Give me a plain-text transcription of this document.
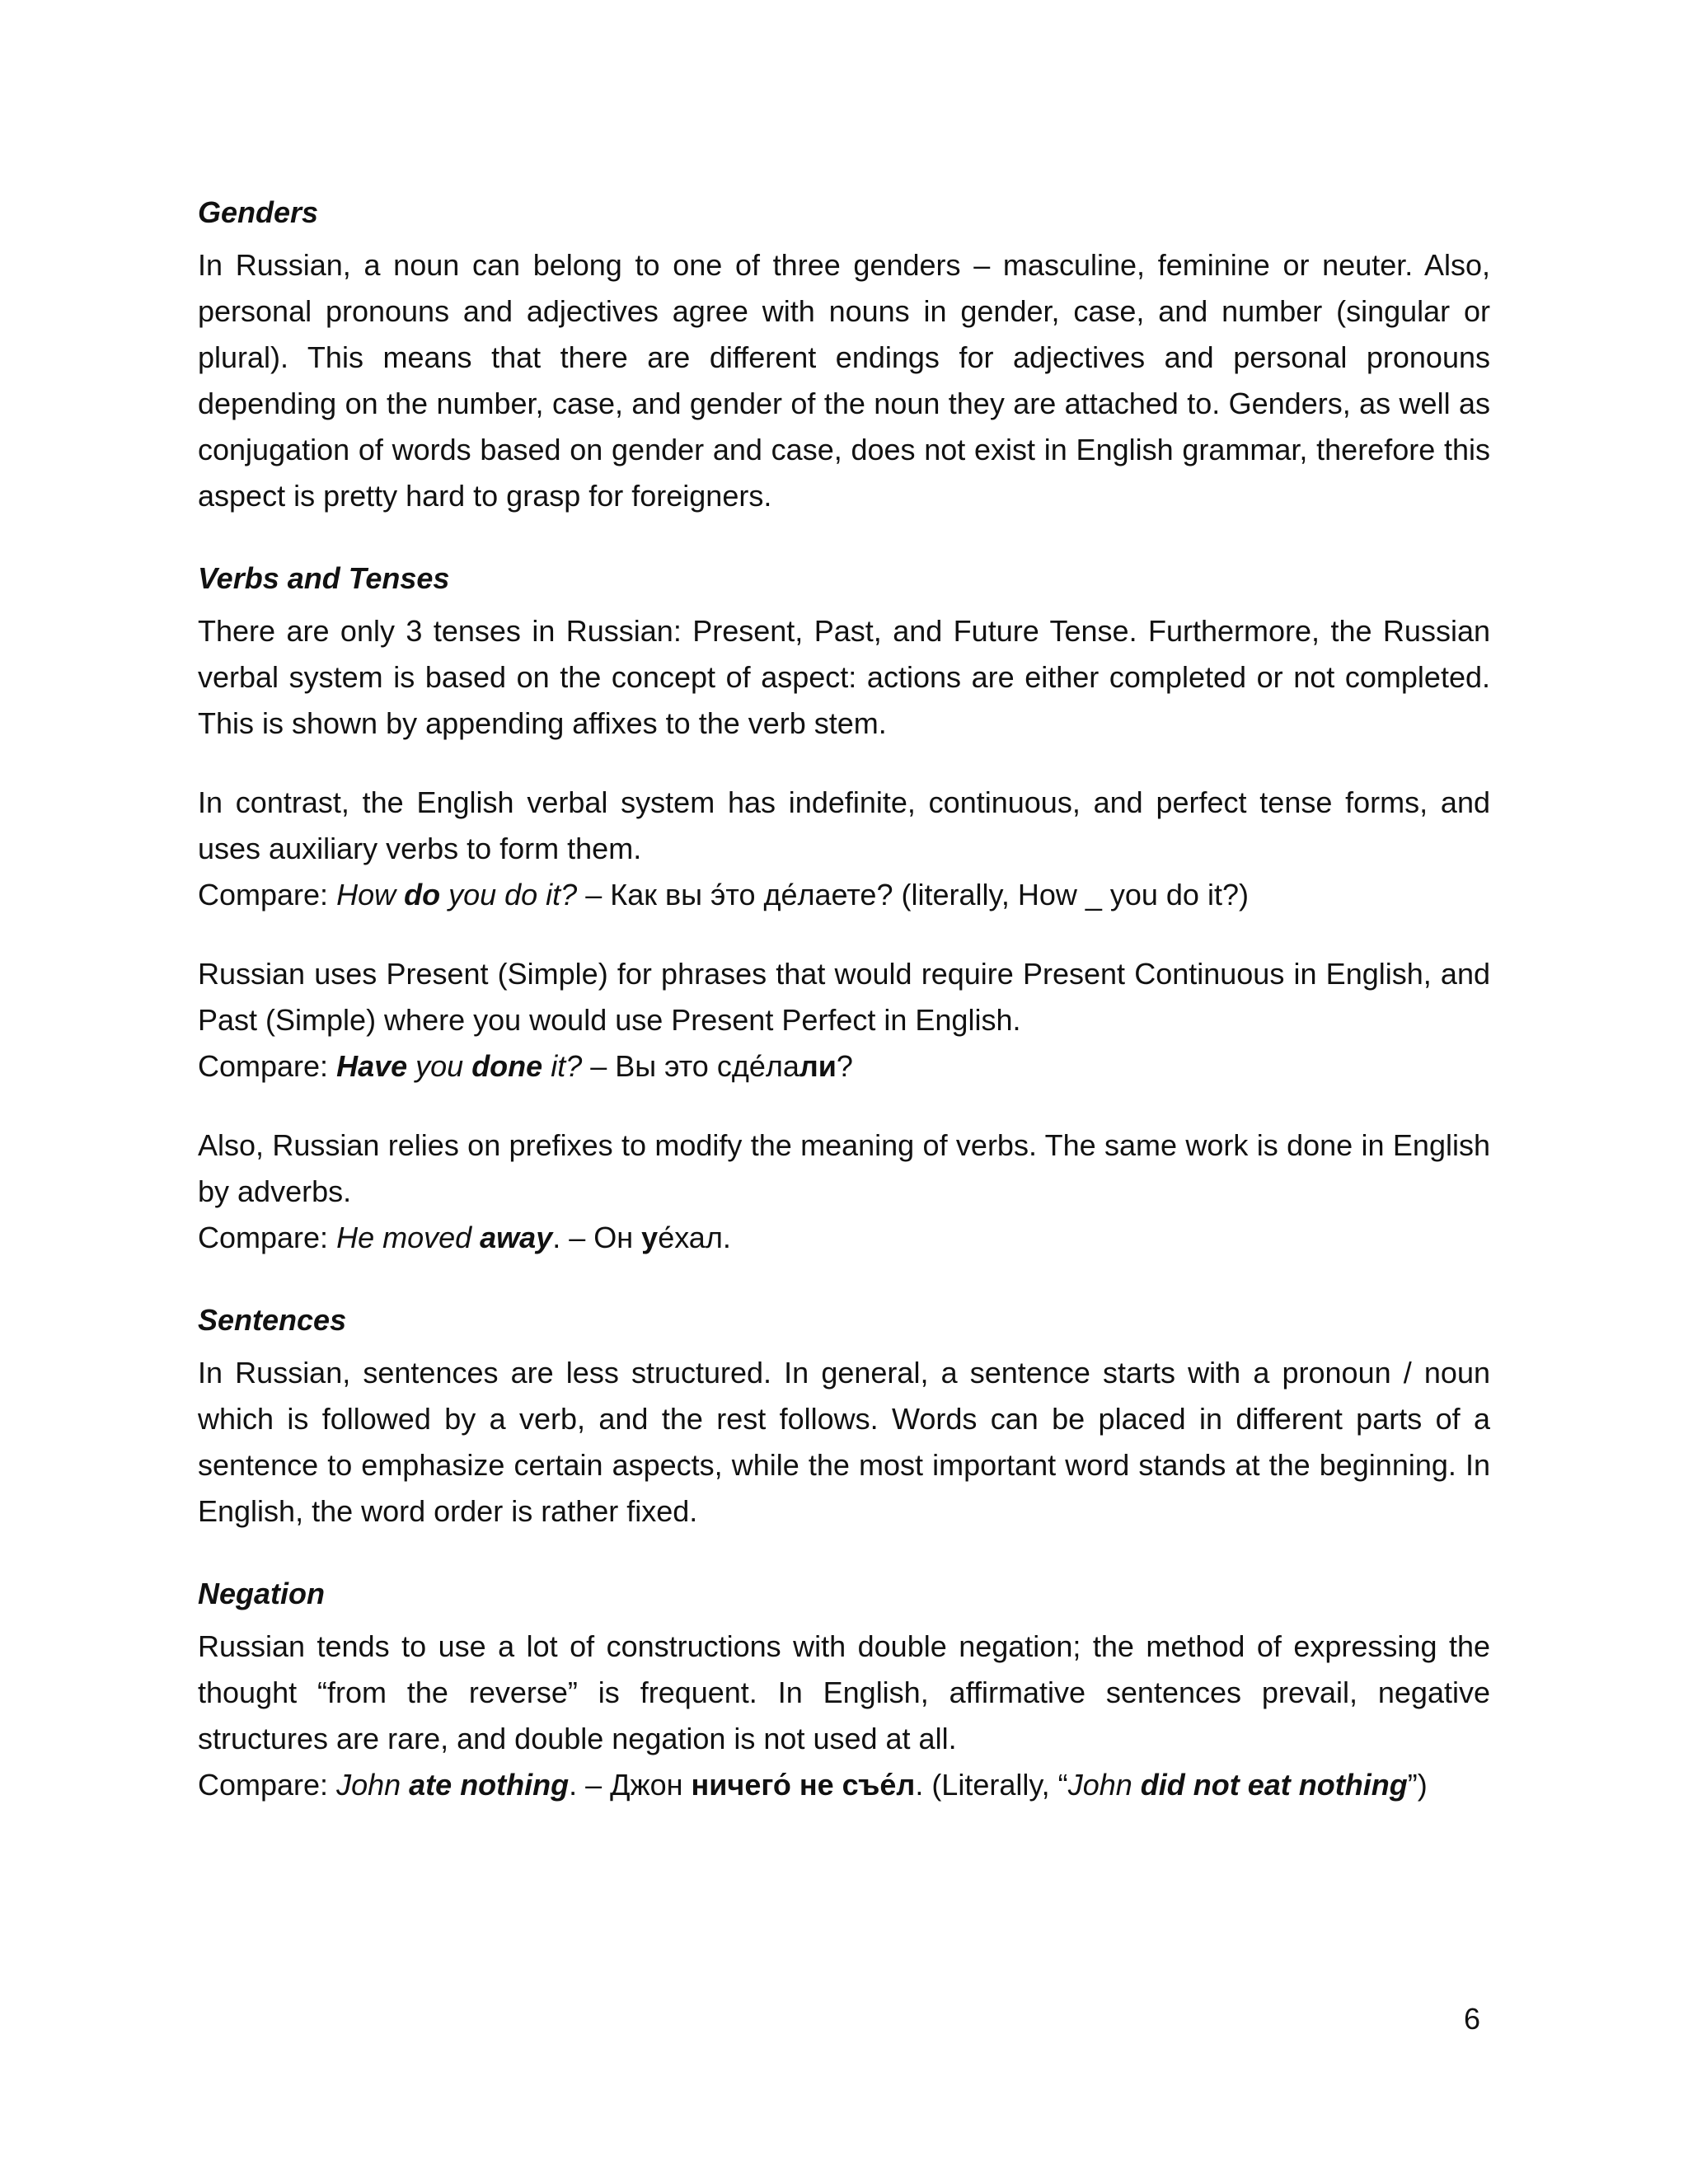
Genders

In Russian, a noun can belong to one of three genders – masculine, feminine or neuter. Also, personal pronouns and adjectives agree with nouns in gender, case, and number (singular or plural). This means that there are different endings for adjectives and personal pronouns depending on the number, case, and gender of the noun they are attached to. Genders, as well as conjugation of words based on gender and case, does not exist in English grammar, therefore this aspect is pretty hard to grasp for foreigners.

Verbs and Tenses

There are only 3 tenses in Russian: Present, Past, and Future Tense. Furthermore, the Russian verbal system is based on the concept of aspect: actions are either completed or not completed. This is shown by appending affixes to the verb stem.

In contrast, the English verbal system has indefinite, continuous, and perfect tense forms, and uses auxiliary verbs to form them.

Compare: How do you do it? – Как вы э́то де́лаете? (literally, How _ you do it?)

Russian uses Present (Simple) for phrases that would require Present Continuous in English, and Past (Simple) where you would use Present Perfect in English.

Compare: Have you done it? – Вы это сде́лали?

Also, Russian relies on prefixes to modify the meaning of verbs. The same work is done in English by adverbs.

Compare: He moved away. – Он уе́хал.

Sentences

In Russian, sentences are less structured. In general, a sentence starts with a pronoun / noun which is followed by a verb, and the rest follows. Words can be placed in different parts of a sentence to emphasize certain aspects, while the most important word stands at the beginning. In English, the word order is rather fixed.

Negation

Russian tends to use a lot of constructions with double negation; the method of expressing the thought “from the reverse” is frequent. In English, affirmative sentences prevail, negative structures are rare, and double negation is not used at all.

Compare: John ate nothing. – Джон ничего́ не съе́л. (Literally, “John did not eat nothing”)

6
